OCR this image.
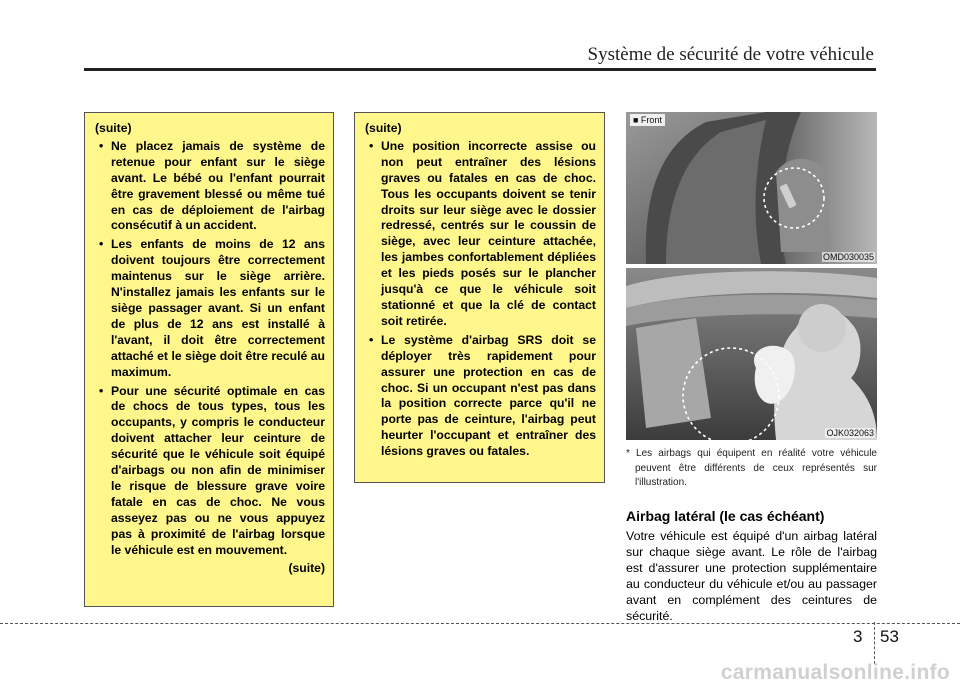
Système de sécurité de votre véhicule

(suite)

• Ne placez jamais de système de retenue pour enfant sur le siège avant. Le bébé ou l'enfant pourrait être gravement blessé ou même tué en cas de déploiement de l'airbag consécutif à un accident.
• Les enfants de moins de 12 ans doivent toujours être correctement maintenus sur le siège arrière. N'installez jamais les enfants sur le siège passager avant. Si un enfant de plus de 12 ans est installé à l'avant, il doit être correctement attaché et le siège doit être reculé au maximum.
• Pour une sécurité optimale en cas de chocs de tous types, tous les occupants, y compris le conducteur doivent attacher leur ceinture de sécurité que le véhicule soit équipé d'airbags ou non afin de minimiser le risque de blessure grave voire fatale en cas de choc. Ne vous asseyez pas ou ne vous appuyez pas à proximité de l'airbag lorsque le véhicule est en mouvement.

(suite)

(suite)

• Une position incorrecte assise ou non peut entraîner des lésions graves ou fatales en cas de choc. Tous les occupants doivent se tenir droits sur leur siège avec le dossier redressé, centrés sur le coussin de siège, avec leur ceinture attachée, les jambes confortablement dépliées et les pieds posés sur le plancher jusqu'à ce que le véhicule soit stationné et que la clé de contact soit retirée.
• Le système d'airbag SRS doit se déployer très rapidement pour assurer une protection en cas de choc. Si un occupant n'est pas dans la position correcte parce qu'il ne porte pas de ceinture, l'airbag peut heurter l'occupant et entraîner des lésions graves ou fatales.
■ Front
OMD030035
OJK032063
* Les airbags qui équipent en réalité votre véhicule peuvent être différents de ceux représentés sur l'illustration.
Airbag latéral (le cas échéant)
Votre véhicule est équipé d'un airbag latéral sur chaque siège avant. Le rôle de l'airbag est d'assurer une protection supplémentaire au conducteur du véhicule et/ou au passager avant en complément des ceintures de sécurité.
3 53
carmanualsonline.info
